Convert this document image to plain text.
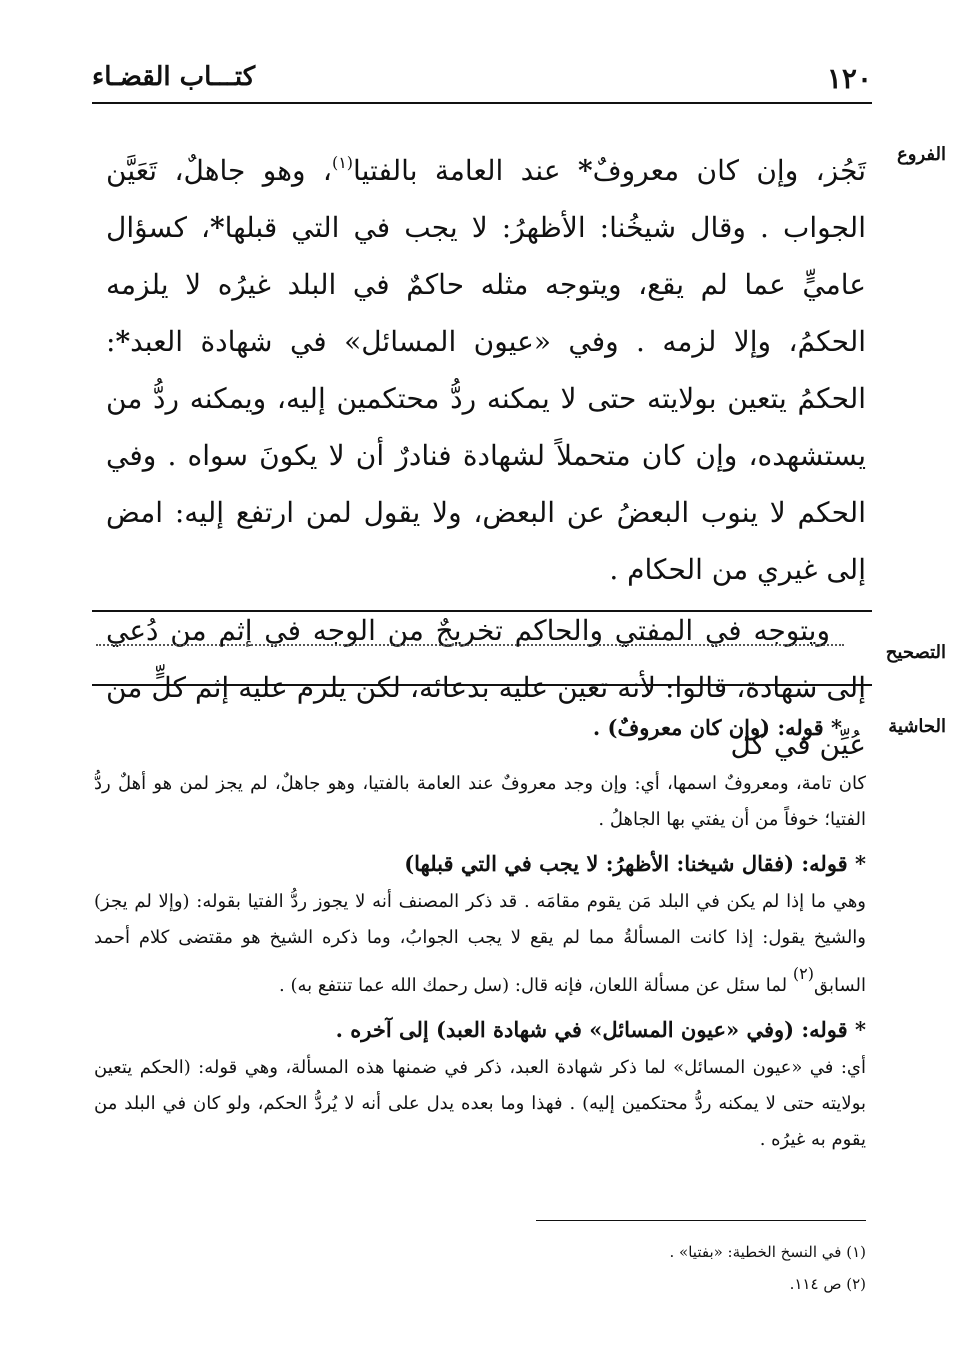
١٢٠
كتـــاب القضـاء
الفروع
التصحيح
الحاشية

تَجُز، وإن كان معروفٌ* عند العامة بالفتيا$^{(١)}$، وهو جاهلٌ، تَعَيَّن الجواب . وقال شيخُنا: الأظهرُ: لا يجب في التي قبلها*، كسؤال عاميٍّ عما لم يقع، ويتوجه مثله حاكمٌ في البلد غيرُه لا يلزمه الحكمُ، وإلا لزمه . وفي «عيون المسائل» في شهادة العبد*: الحكمُ يتعين بولايته حتى لا يمكنه ردُّ محتكمين إليه، ويمكنه ردُّ من يستشهده، وإن كان متحملاً لشهادة فنادرٌ أن لا يكونَ سواه . وفي الحكم لا ينوب البعضُ عن البعض، ولا يقول لمن ارتفع إليه: امض إلى غيري من الحكام .

ويتوجه في المفتي والحاكم تخريجٌ من الوجه في إثم من دُعي إلى شهادة، قالوا: لأنه تعين عليه بدعائه، لكن يلزم عليه إثم كلٍّ من عُيِّن في كل

* قوله: (وإن كان معروفٌ) .

كان تامة، ومعروفٌ اسمها، أي: وإن وجد معروفٌ عند العامة بالفتيا، وهو جاهلٌ، لم يجز لمن هو أهلٌ ردُّ الفتيا؛ خوفاً من أن يفتي بها الجاهلُ .

* قوله: (فقال شيخنا: الأظهرُ: لا يجب في التي قبلها)

وهي ما إذا لم يكن في البلد مَن يقوم مقامَه . قد ذكر المصنف أنه لا يجوز ردُّ الفتيا بقوله: (وإلا لم يجز) والشيخ يقول: إذا كانت المسألةُ مما لم يقع لا يجب الجوابُ، وما ذكره الشيخ هو مقتضى كلام أحمد السابق(٢) لما سئل عن مسألة اللعان، فإنه قال: (سل رحمك الله عما تنتفع به) .

* قوله: (وفي «عيون المسائل» في شهادة العبد) إلى آخره .

أي: في «عيون المسائل» لما ذكر شهادة العبد، ذكر في ضمنها هذه المسألة، وهي قوله: (الحكم يتعين بولايته حتى لا يمكنه ردُّ محتكمين إليه) . فهذا وما بعده يدل على أنه لا يُردُّ الحكم، ولو كان في البلد من يقوم به غيرُه .

(١) في النسخ الخطية: «بفتيا» .

(٢) ص ١١٤.
